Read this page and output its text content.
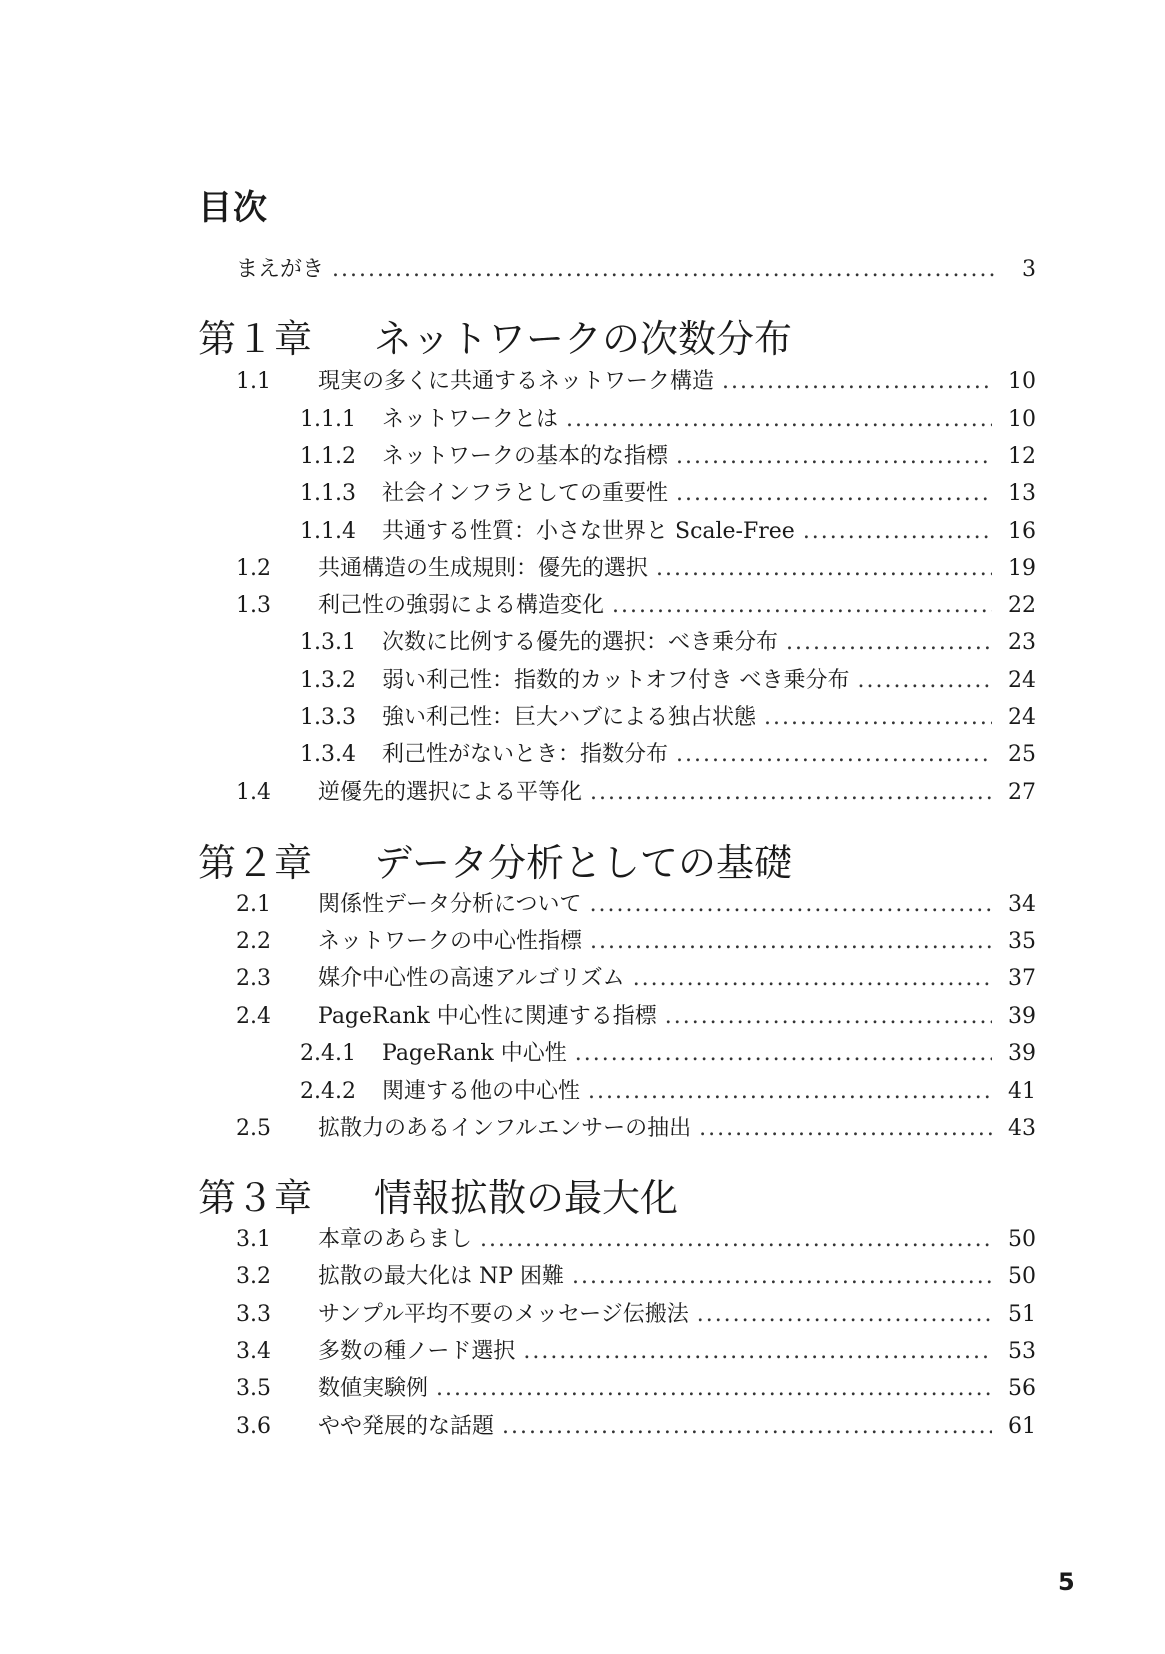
目次
まえがき .....	3
第１章 ネットワークの次数分布
1.1	現実の多くに共通するネットワーク構造 .....	10
1.1.1	ネットワークとは .....	10
1.1.2	ネットワークの基本的な指標 .....	12
1.1.3	社会インフラとしての重要性 .....	13
1.1.4	共通する性質：小さな世界と Scale-Free .....	16
1.2	共通構造の生成規則：優先的選択 .....	19
1.3	利己性の強弱による構造変化 .....	22
1.3.1	次数に比例する優先的選択：べき乗分布 .....	23
1.3.2	弱い利己性：指数的カットオフ付き べき乗分布 .....	24
1.3.3	強い利己性：巨大ハブによる独占状態 .....	24
1.3.4	利己性がないとき：指数分布 .....	25
1.4	逆優先的選択による平等化 .....	27
第２章 データ分析としての基礎
2.1	関係性データ分析について .....	34
2.2	ネットワークの中心性指標 .....	35
2.3	媒介中心性の高速アルゴリズム .....	37
2.4	PageRank 中心性に関連する指標 .....	39
2.4.1	PageRank 中心性 .....	39
2.4.2	関連する他の中心性 .....	41
2.5	拡散力のあるインフルエンサーの抽出 .....	43
第３章 情報拡散の最大化
3.1	本章のあらまし .....	50
3.2	拡散の最大化は NP 困難 .....	50
3.3	サンプル平均不要のメッセージ伝搬法 .....	51
3.4	多数の種ノード選択 .....	53
3.5	数値実験例 .....	56
3.6	やや発展的な話題 .....	61
5
